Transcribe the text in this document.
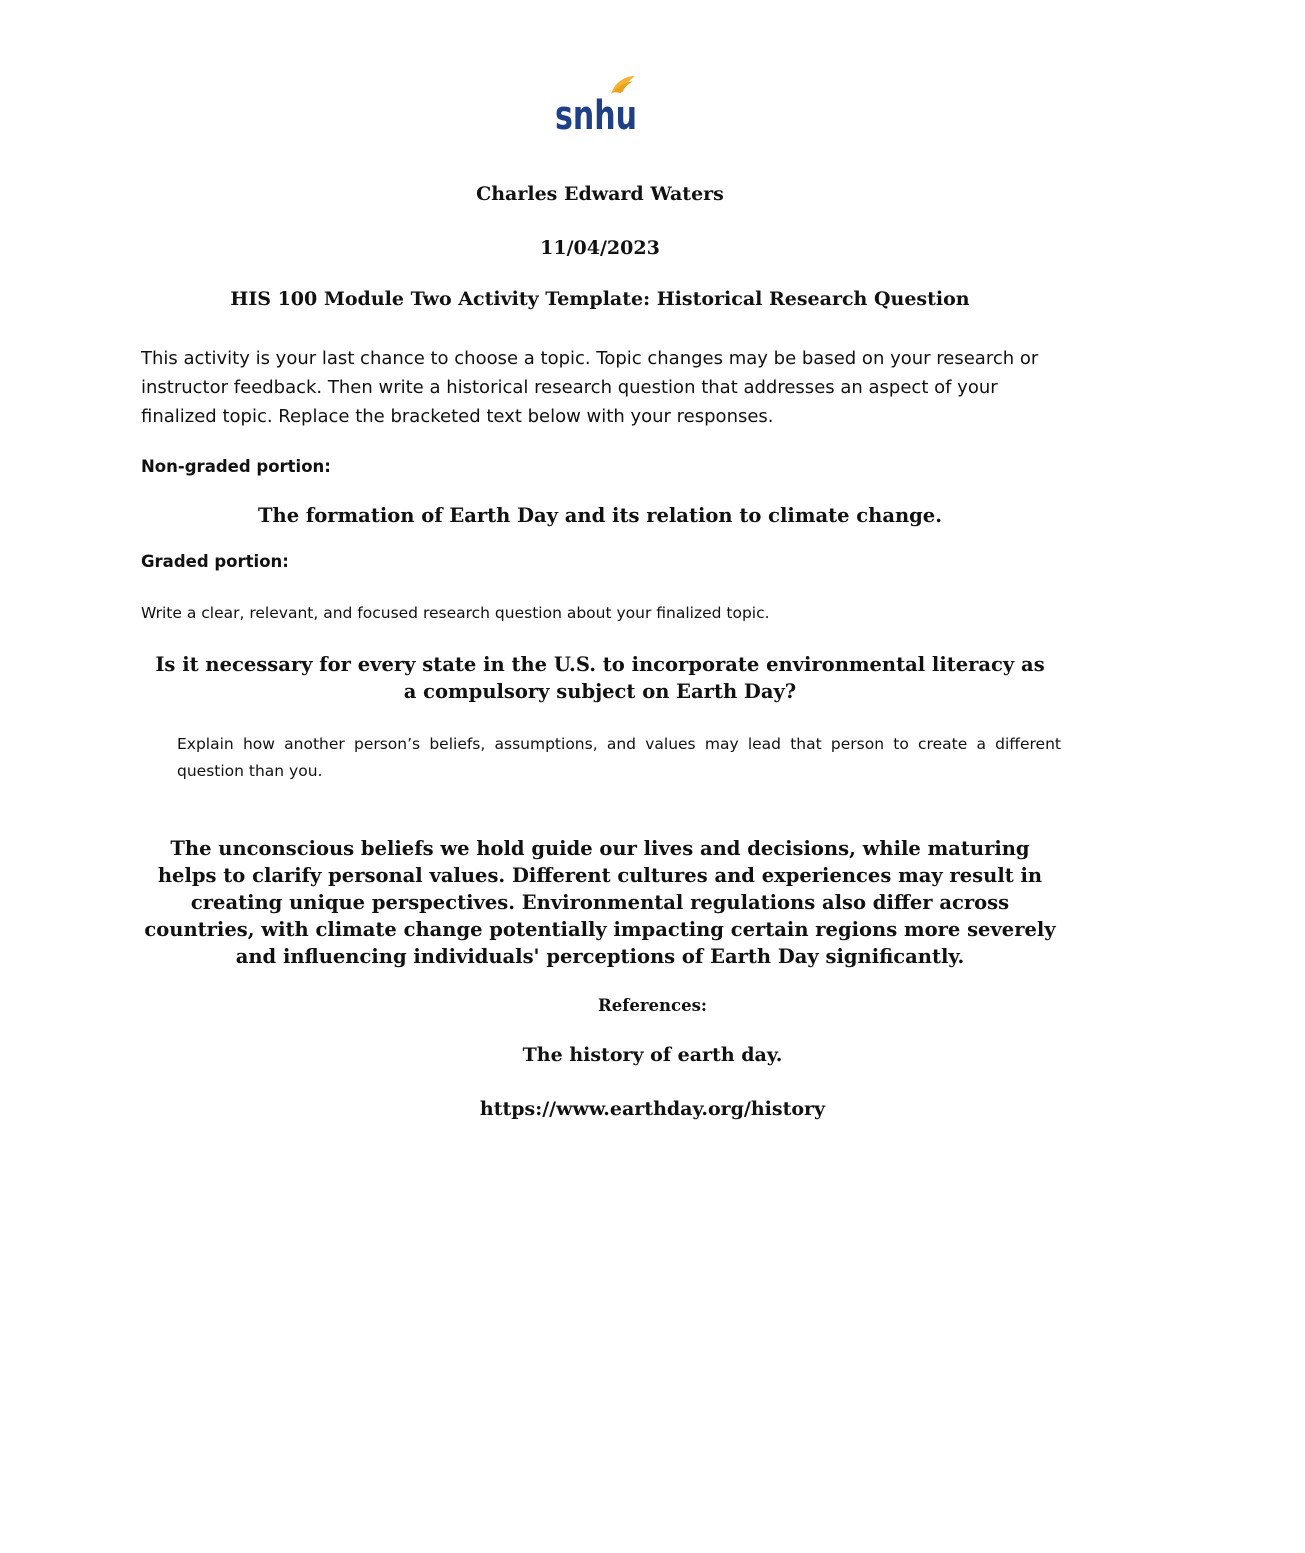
snhu
Charles Edward Waters
11/04/2023
HIS 100 Module Two Activity Template: Historical Research Question
This activity is your last chance to choose a topic. Topic changes may be based on your research or instructor feedback. Then write a historical research question that addresses an aspect of your finalized topic. Replace the bracketed text below with your responses.
Non-graded portion:
The formation of Earth Day and its relation to climate change.
Graded portion:
Write a clear, relevant, and focused research question about your finalized topic.
Is it necessary for every state in the U.S. to incorporate environmental literacy as a compulsory subject on Earth Day?
Explain how another person’s beliefs, assumptions, and values may lead that person to create a different question than you.
The unconscious beliefs we hold guide our lives and decisions, while maturing helps to clarify personal values. Different cultures and experiences may result in creating unique perspectives. Environmental regulations also differ across countries, with climate change potentially impacting certain regions more severely and influencing individuals' perceptions of Earth Day significantly.
References:
The history of earth day.
https://www.earthday.org/history
